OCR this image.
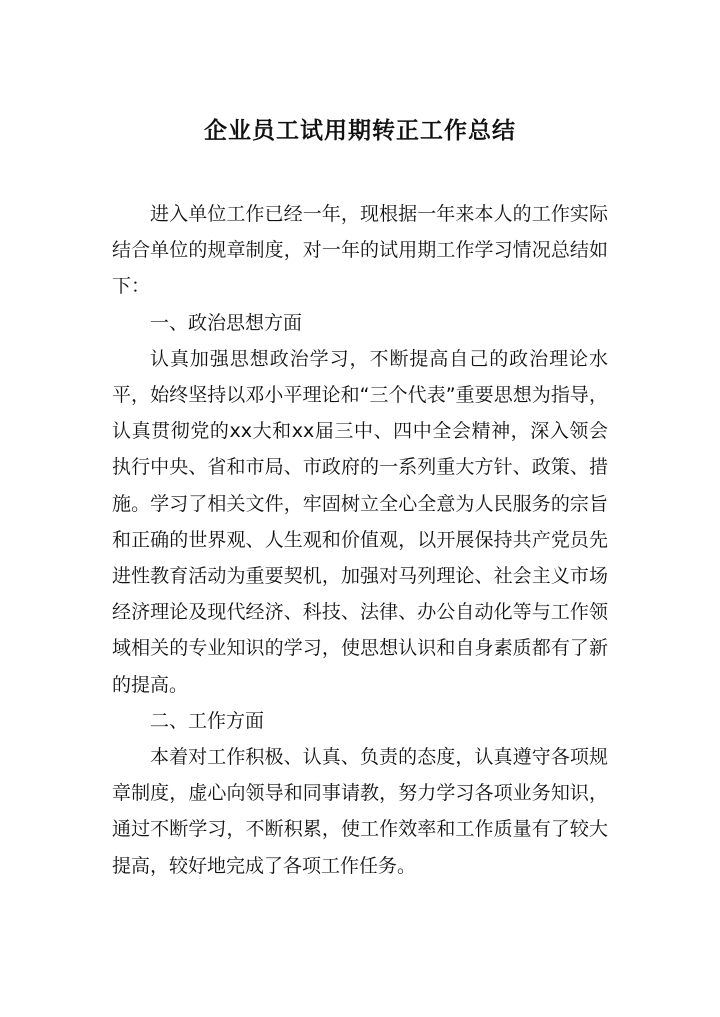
企业员工试用期转正工作总结

进入单位工作已经一年，现根据一年来本人的工作实际结合单位的规章制度，对一年的试用期工作学习情况总结如下：

一、政治思想方面

认真加强思想政治学习，不断提高自己的政治理论水平，始终坚持以邓小平理论和“三个代表”重要思想为指导，认真贯彻党的xx大和xx届三中、四中全会精神，深入领会执行中央、省和市局、市政府的一系列重大方针、政策、措施。学习了相关文件，牢固树立全心全意为人民服务的宗旨和正确的世界观、人生观和价值观，以开展保持共产党员先进性教育活动为重要契机，加强对马列理论、社会主义市场经济理论及现代经济、科技、法律、办公自动化等与工作领域相关的专业知识的学习，使思想认识和自身素质都有了新的提高。

二、工作方面

本着对工作积极、认真、负责的态度，认真遵守各项规章制度，虚心向领导和同事请教，努力学习各项业务知识，通过不断学习，不断积累，使工作效率和工作质量有了较大提高，较好地完成了各项工作任务。
